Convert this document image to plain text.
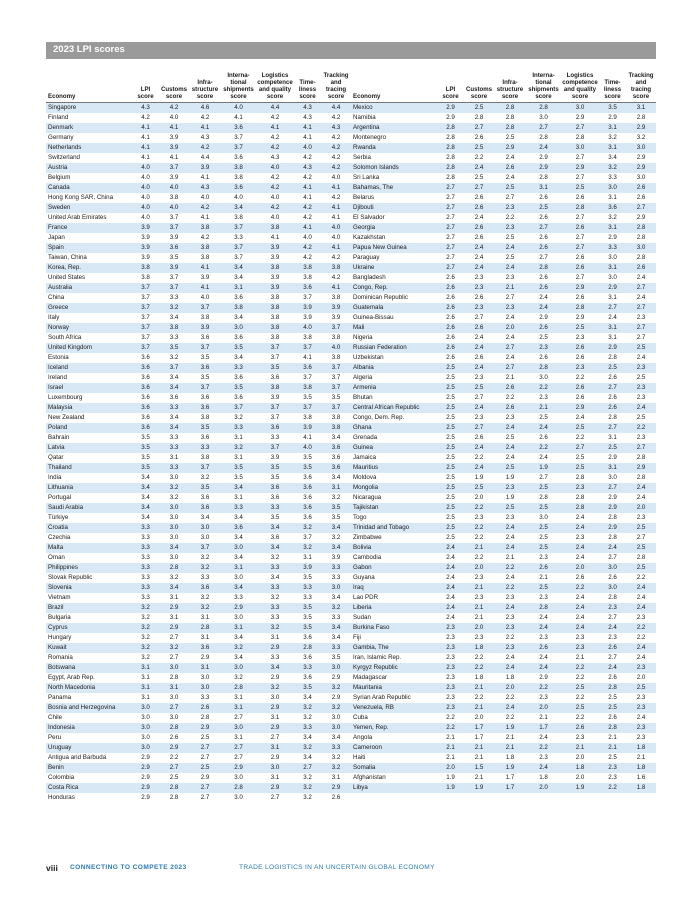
2023 LPI scores
Economy	LPI score	Customs score	Infra-structure score	Interna-tional shipments score	Logistics competence and quality score	Time-liness score	Tracking and tracing score
Singapore	4.3	4.2	4.6	4.0	4.4	4.3	4.4
Finland	4.2	4.0	4.2	4.1	4.2	4.3	4.2
Denmark	4.1	4.1	4.1	3.6	4.1	4.1	4.3
Germany	4.1	3.9	4.3	3.7	4.2	4.1	4.2
Netherlands	4.1	3.9	4.2	3.7	4.2	4.0	4.2
Switzerland	4.1	4.1	4.4	3.6	4.3	4.2	4.2
Austria	4.0	3.7	3.9	3.8	4.0	4.3	4.2
Belgium	4.0	3.9	4.1	3.8	4.2	4.2	4.0
Canada	4.0	4.0	4.3	3.6	4.2	4.1	4.1
Hong Kong SAR, China	4.0	3.8	4.0	4.0	4.0	4.1	4.2
Sweden	4.0	4.0	4.2	3.4	4.2	4.2	4.1
United Arab Emirates	4.0	3.7	4.1	3.8	4.0	4.2	4.1
France	3.9	3.7	3.8	3.7	3.8	4.1	4.0
Japan	3.9	3.9	4.2	3.3	4.1	4.0	4.0
Spain	3.9	3.6	3.8	3.7	3.9	4.2	4.1
Taiwan, China	3.9	3.5	3.8	3.7	3.9	4.2	4.2
Korea, Rep.	3.8	3.9	4.1	3.4	3.8	3.8	3.8
United States	3.8	3.7	3.9	3.4	3.9	3.8	4.2
Australia	3.7	3.7	4.1	3.1	3.9	3.6	4.1
China	3.7	3.3	4.0	3.6	3.8	3.7	3.8
Greece	3.7	3.2	3.7	3.8	3.8	3.9	3.9
Italy	3.7	3.4	3.8	3.4	3.8	3.9	3.9
Norway	3.7	3.8	3.9	3.0	3.8	4.0	3.7
South Africa	3.7	3.3	3.6	3.6	3.8	3.8	3.8
United Kingdom	3.7	3.5	3.7	3.5	3.7	3.7	4.0
Estonia	3.6	3.2	3.5	3.4	3.7	4.1	3.8
Iceland	3.6	3.7	3.6	3.3	3.5	3.6	3.7
Ireland	3.6	3.4	3.5	3.6	3.6	3.7	3.7
Israel	3.6	3.4	3.7	3.5	3.8	3.8	3.7
Luxembourg	3.6	3.6	3.6	3.6	3.9	3.5	3.5
Malaysia	3.6	3.3	3.6	3.7	3.7	3.7	3.7
New Zealand	3.6	3.4	3.8	3.2	3.7	3.8	3.8
Poland	3.6	3.4	3.5	3.3	3.6	3.9	3.8
Bahrain	3.5	3.3	3.6	3.1	3.3	4.1	3.4
Latvia	3.5	3.3	3.3	3.2	3.7	4.0	3.6
Qatar	3.5	3.1	3.8	3.1	3.9	3.5	3.6
Thailand	3.5	3.3	3.7	3.5	3.5	3.5	3.6
India	3.4	3.0	3.2	3.5	3.5	3.6	3.4
Lithuania	3.4	3.2	3.5	3.4	3.6	3.6	3.1
Portugal	3.4	3.2	3.6	3.1	3.6	3.6	3.2
Saudi Arabia	3.4	3.0	3.6	3.3	3.3	3.6	3.5
Türkiye	3.4	3.0	3.4	3.4	3.5	3.6	3.5
Croatia	3.3	3.0	3.0	3.6	3.4	3.2	3.4
Czechia	3.3	3.0	3.0	3.4	3.6	3.7	3.2
Malta	3.3	3.4	3.7	3.0	3.4	3.2	3.4
Oman	3.3	3.0	3.2	3.4	3.2	3.1	3.9
Philippines	3.3	2.8	3.2	3.1	3.3	3.9	3.3
Slovak Republic	3.3	3.2	3.3	3.0	3.4	3.5	3.3
Slovenia	3.3	3.4	3.6	3.4	3.3	3.3	3.0
Vietnam	3.3	3.1	3.2	3.3	3.2	3.3	3.4
Brazil	3.2	2.9	3.2	2.9	3.3	3.5	3.2
Bulgaria	3.2	3.1	3.1	3.0	3.3	3.5	3.3
Cyprus	3.2	2.9	2.8	3.1	3.2	3.5	3.4
Hungary	3.2	2.7	3.1	3.4	3.1	3.6	3.4
Kuwait	3.2	3.2	3.6	3.2	2.9	2.8	3.3
Romania	3.2	2.7	2.9	3.4	3.3	3.6	3.5
Botswana	3.1	3.0	3.1	3.0	3.4	3.3	3.0
Egypt, Arab Rep.	3.1	2.8	3.0	3.2	2.9	3.6	2.9
North Macedonia	3.1	3.1	3.0	2.8	3.2	3.5	3.2
Panama	3.1	3.0	3.3	3.1	3.0	3.4	2.9
Bosnia and Herzegovina	3.0	2.7	2.6	3.1	2.9	3.2	3.2
Chile	3.0	3.0	2.8	2.7	3.1	3.2	3.0
Indonesia	3.0	2.8	2.9	3.0	2.9	3.3	3.0
Peru	3.0	2.6	2.5	3.1	2.7	3.4	3.4
Uruguay	3.0	2.9	2.7	2.7	3.1	3.2	3.3
Antigua and Barbuda	2.9	2.2	2.7	2.7	2.9	3.4	3.2
Benin	2.9	2.7	2.5	2.9	3.0	2.7	3.2
Colombia	2.9	2.5	2.9	3.0	3.1	3.2	3.1
Costa Rica	2.9	2.8	2.7	2.8	2.9	3.2	2.9
Honduras	2.9	2.8	2.7	3.0	2.7	3.2	2.6
Economy	LPI score	Customs score	Infra-structure score	Interna-tional shipments score	Logistics competence and quality score	Time-liness score	Tracking and tracing score
Mexico	2.9	2.5	2.8	2.8	3.0	3.5	3.1
Namibia	2.9	2.8	2.8	3.0	2.9	2.9	2.8
Argentina	2.8	2.7	2.8	2.7	2.7	3.1	2.9
Montenegro	2.8	2.6	2.5	2.8	2.8	3.2	3.2
Rwanda	2.8	2.5	2.9	2.4	3.0	3.1	3.0
Serbia	2.8	2.2	2.4	2.9	2.7	3.4	2.9
Solomon Islands	2.8	2.4	2.6	2.9	2.9	3.2	2.9
Sri Lanka	2.8	2.5	2.4	2.8	2.7	3.3	3.0
Bahamas, The	2.7	2.7	2.5	3.1	2.5	3.0	2.6
Belarus	2.7	2.6	2.7	2.6	2.6	3.1	2.6
Djibouti	2.7	2.6	2.3	2.5	2.8	3.6	2.7
El Salvador	2.7	2.4	2.2	2.6	2.7	3.2	2.9
Georgia	2.7	2.6	2.3	2.7	2.6	3.1	2.8
Kazakhstan	2.7	2.6	2.5	2.6	2.7	2.9	2.8
Papua New Guinea	2.7	2.4	2.4	2.6	2.7	3.3	3.0
Paraguay	2.7	2.4	2.5	2.7	2.6	3.0	2.8
Ukraine	2.7	2.4	2.4	2.8	2.6	3.1	2.6
Bangladesh	2.6	2.3	2.3	2.6	2.7	3.0	2.4
Congo, Rep.	2.6	2.3	2.1	2.6	2.9	2.9	2.7
Dominican Republic	2.6	2.6	2.7	2.4	2.6	3.1	2.4
Guatemala	2.6	2.3	2.3	2.4	2.8	2.7	2.7
Guinea-Bissau	2.6	2.7	2.4	2.9	2.9	2.4	2.3
Mali	2.6	2.6	2.0	2.6	2.5	3.1	2.7
Nigeria	2.6	2.4	2.4	2.5	2.3	3.1	2.7
Russian Federation	2.6	2.4	2.7	2.3	2.6	2.9	2.5
Uzbekistan	2.6	2.6	2.4	2.6	2.6	2.8	2.4
Albania	2.5	2.4	2.7	2.8	2.3	2.5	2.3
Algeria	2.5	2.3	2.1	3.0	2.2	2.6	2.5
Armenia	2.5	2.5	2.6	2.2	2.6	2.7	2.3
Bhutan	2.5	2.7	2.2	2.3	2.6	2.6	2.3
Central African Republic	2.5	2.4	2.6	2.1	2.9	2.6	2.4
Congo, Dem. Rep.	2.5	2.3	2.3	2.5	2.4	2.8	2.5
Ghana	2.5	2.7	2.4	2.4	2.5	2.7	2.2
Grenada	2.5	2.6	2.5	2.6	2.2	3.1	2.3
Guinea	2.5	2.4	2.4	2.2	2.7	2.5	2.7
Jamaica	2.5	2.2	2.4	2.4	2.5	2.9	2.8
Mauritius	2.5	2.4	2.5	1.9	2.5	3.1	2.9
Moldova	2.5	1.9	1.9	2.7	2.8	3.0	2.8
Mongolia	2.5	2.5	2.3	2.5	2.3	2.7	2.4
Nicaragua	2.5	2.0	1.9	2.8	2.8	2.9	2.4
Tajikistan	2.5	2.2	2.5	2.5	2.8	2.9	2.0
Togo	2.5	2.3	2.3	3.0	2.4	2.8	2.3
Trinidad and Tobago	2.5	2.2	2.4	2.5	2.4	2.9	2.5
Zimbabwe	2.5	2.2	2.4	2.5	2.3	2.8	2.7
Bolivia	2.4	2.1	2.4	2.5	2.4	2.4	2.5
Cambodia	2.4	2.2	2.1	2.3	2.4	2.7	2.8
Gabon	2.4	2.0	2.2	2.6	2.0	3.0	2.5
Guyana	2.4	2.3	2.4	2.1	2.6	2.6	2.2
Iraq	2.4	2.1	2.2	2.5	2.2	3.0	2.4
Lao PDR	2.4	2.3	2.3	2.3	2.4	2.8	2.4
Liberia	2.4	2.1	2.4	2.8	2.4	2.3	2.4
Sudan	2.4	2.1	2.3	2.4	2.4	2.7	2.3
Burkina Faso	2.3	2.0	2.3	2.4	2.4	2.4	2.2
Fiji	2.3	2.3	2.2	2.3	2.3	2.3	2.2
Gambia, The	2.3	1.8	2.3	2.6	2.3	2.6	2.4
Iran, Islamic Rep.	2.3	2.2	2.4	2.4	2.1	2.7	2.4
Kyrgyz Republic	2.3	2.2	2.4	2.4	2.2	2.4	2.3
Madagascar	2.3	1.8	1.8	2.9	2.2	2.6	2.0
Mauritania	2.3	2.1	2.0	2.2	2.5	2.8	2.5
Syrian Arab Republic	2.3	2.2	2.2	2.3	2.2	2.5	2.3
Venezuela, RB	2.3	2.1	2.4	2.0	2.5	2.5	2.3
Cuba	2.2	2.0	2.2	2.1	2.2	2.6	2.4
Yemen, Rep.	2.2	1.7	1.9	1.7	2.6	2.8	2.3
Angola	2.1	1.7	2.1	2.4	2.3	2.1	2.3
Cameroon	2.1	2.1	2.1	2.2	2.1	2.1	1.8
Haiti	2.1	2.1	1.8	2.3	2.0	2.5	2.1
Somalia	2.0	1.5	1.9	2.4	1.8	2.3	1.8
Afghanistan	1.9	2.1	1.7	1.8	2.0	2.3	1.6
Libya	1.9	1.9	1.7	2.0	1.9	2.2	1.8
viii CONNECTING TO COMPETE 2023	TRADE LOGISTICS IN AN UNCERTAIN GLOBAL ECONOMY
